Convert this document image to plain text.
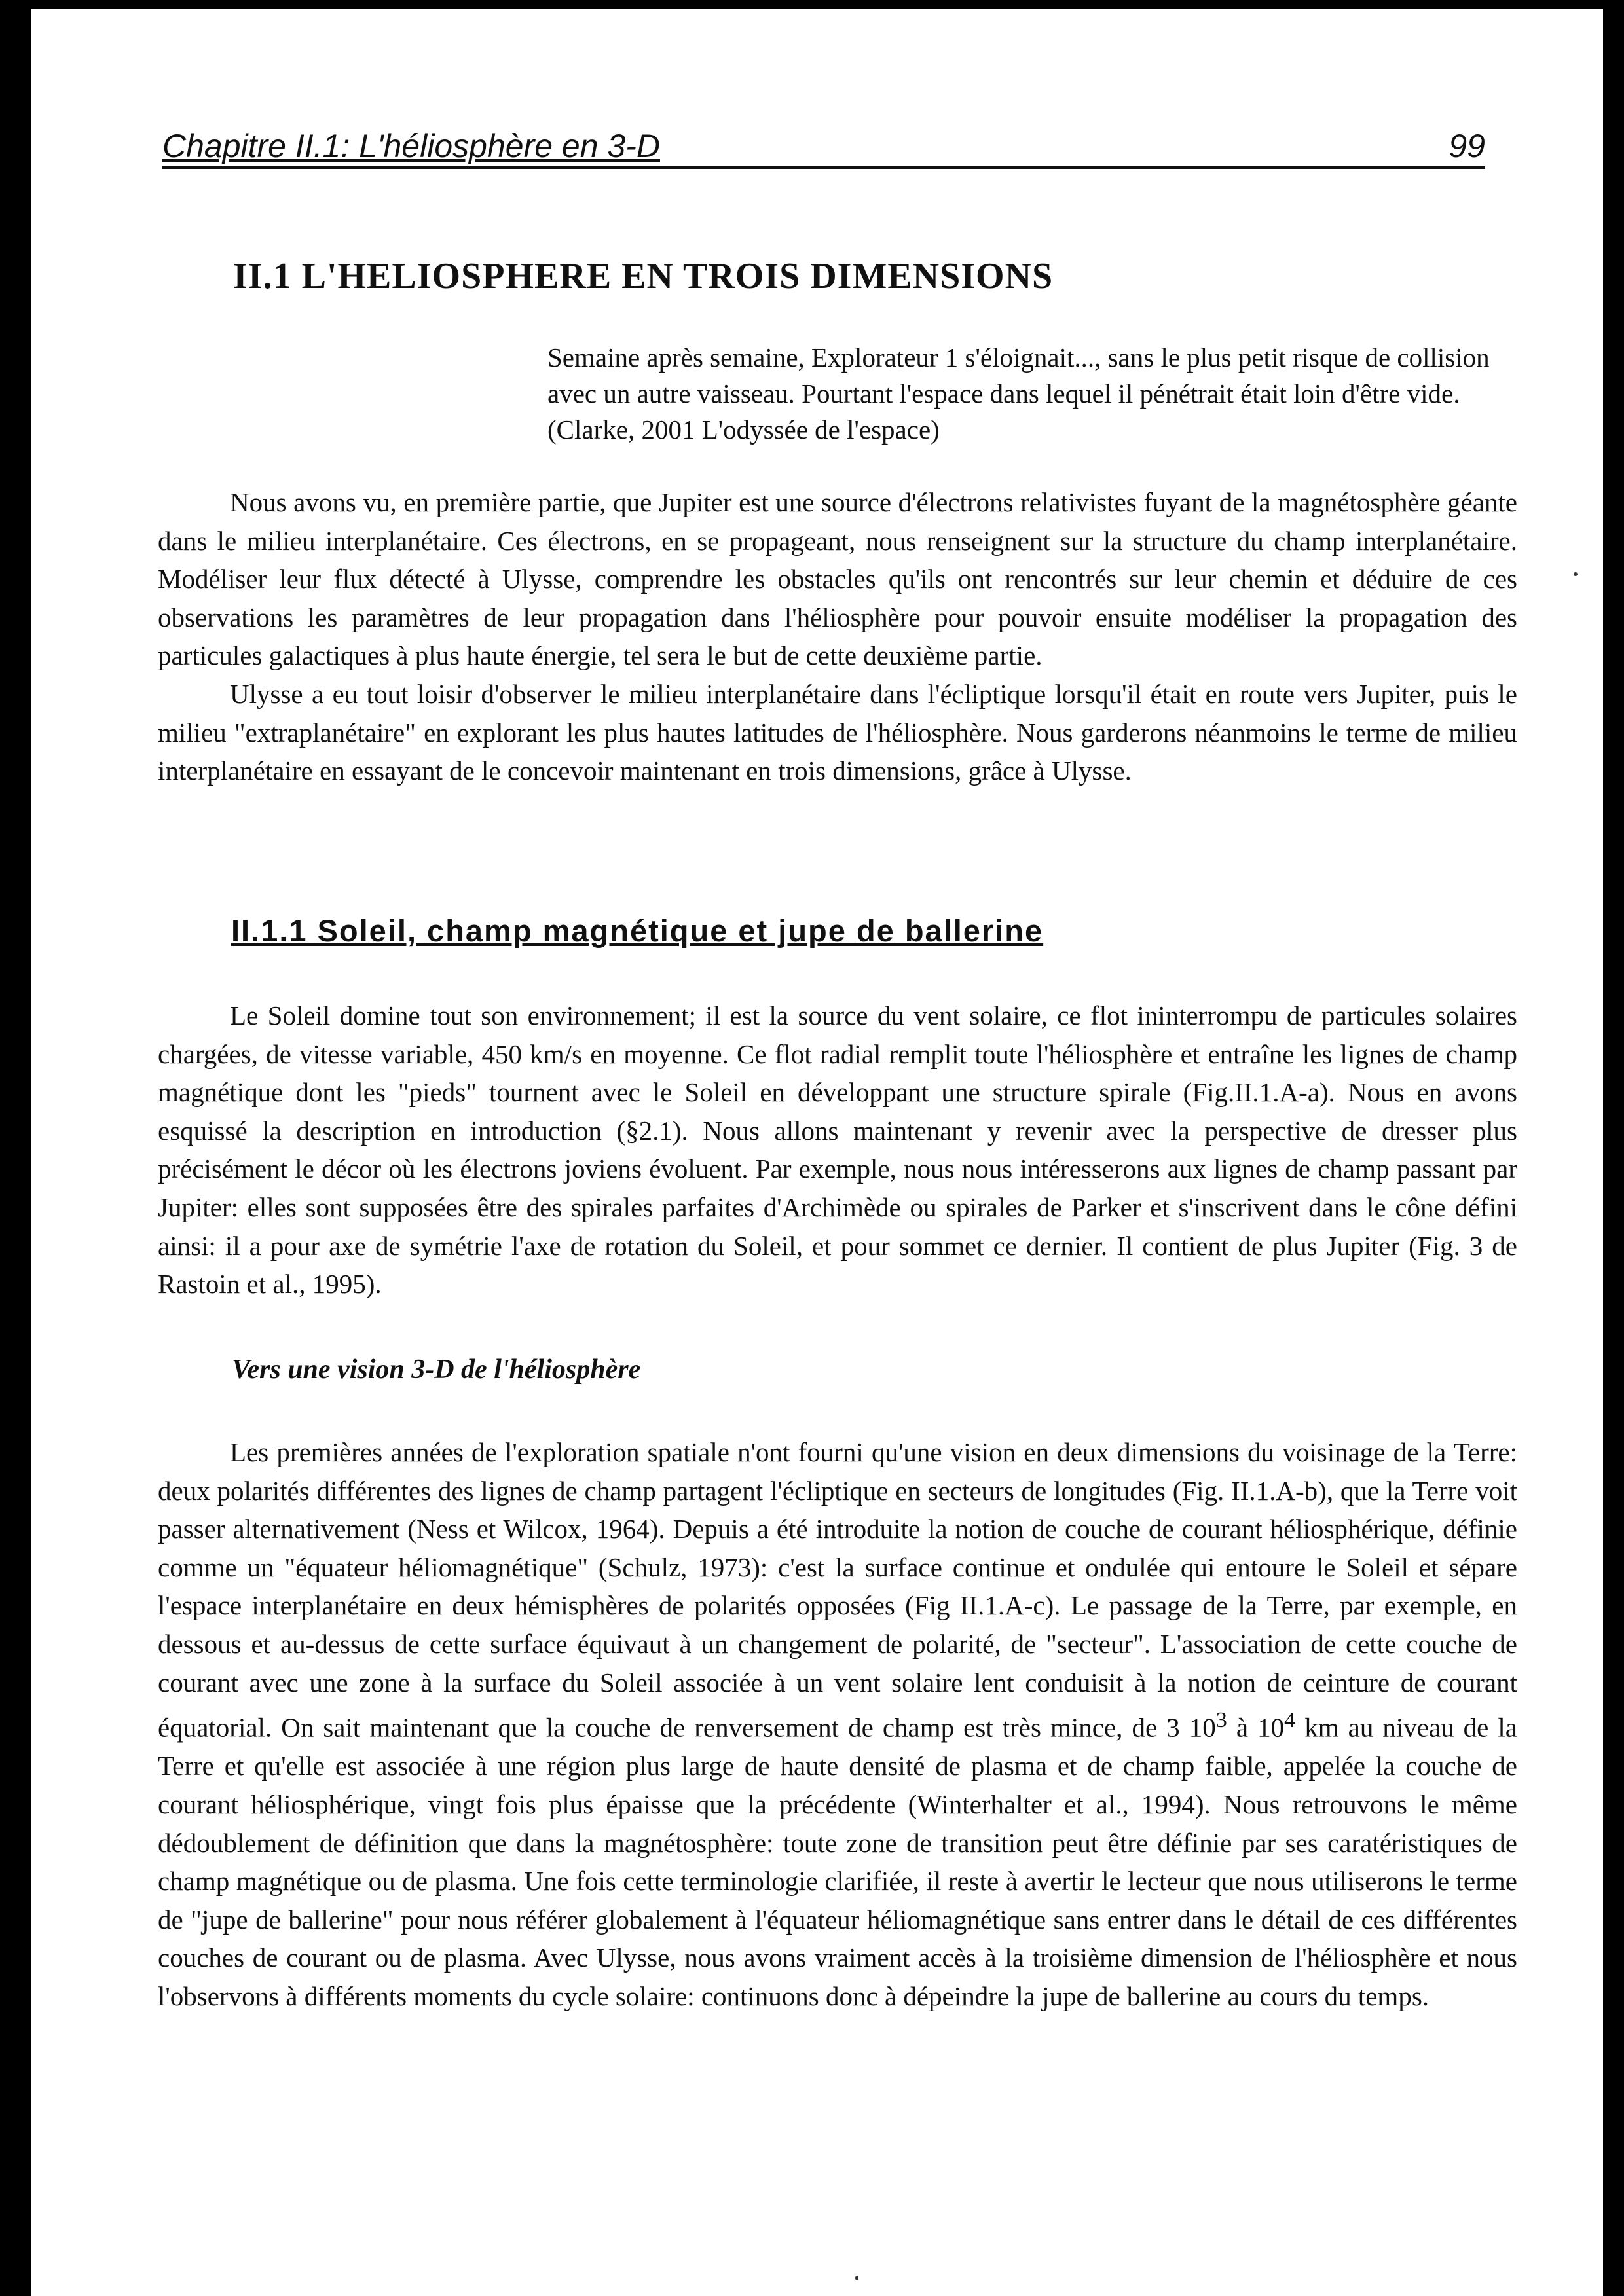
Chapitre II.1: L'héliosphère en 3-D	99
II.1 L'HELIOSPHERE EN TROIS DIMENSIONS

Semaine après semaine, Explorateur 1 s'éloignait..., sans le plus petit risque de collision avec un autre vaisseau. Pourtant l'espace dans lequel il pénétrait était loin d'être vide. (Clarke, 2001 L'odyssée de l'espace)

Nous avons vu, en première partie, que Jupiter est une source d'électrons relativistes fuyant de la magnétosphère géante dans le milieu interplanétaire. Ces électrons, en se propageant, nous renseignent sur la structure du champ interplanétaire. Modéliser leur flux détecté à Ulysse, comprendre les obstacles qu'ils ont rencontrés sur leur chemin et déduire de ces observations les paramètres de leur propagation dans l'héliosphère pour pouvoir ensuite modéliser la propagation des particules galactiques à plus haute énergie, tel sera le but de cette deuxième partie.

Ulysse a eu tout loisir d'observer le milieu interplanétaire dans l'écliptique lorsqu'il était en route vers Jupiter, puis le milieu "extraplanétaire" en explorant les plus hautes latitudes de l'héliosphère. Nous garderons néanmoins le terme de milieu interplanétaire en essayant de le concevoir maintenant en trois dimensions, grâce à Ulysse.

II.1.1 Soleil, champ magnétique et jupe de ballerine

Le Soleil domine tout son environnement; il est la source du vent solaire, ce flot ininterrompu de particules solaires chargées, de vitesse variable, 450 km/s en moyenne. Ce flot radial remplit toute l'héliosphère et entraîne les lignes de champ magnétique dont les "pieds" tournent avec le Soleil en développant une structure spirale (Fig.II.1.A-a). Nous en avons esquissé la description en introduction (§2.1). Nous allons maintenant y revenir avec la perspective de dresser plus précisément le décor où les électrons joviens évoluent. Par exemple, nous nous intéresserons aux lignes de champ passant par Jupiter: elles sont supposées être des spirales parfaites d'Archimède ou spirales de Parker et s'inscrivent dans le cône défini ainsi: il a pour axe de symétrie l'axe de rotation du Soleil, et pour sommet ce dernier. Il contient de plus Jupiter (Fig. 3 de Rastoin et al., 1995).

Vers une vision 3-D de l'héliosphère

Les premières années de l'exploration spatiale n'ont fourni qu'une vision en deux dimensions du voisinage de la Terre: deux polarités différentes des lignes de champ partagent l'écliptique en secteurs de longitudes (Fig. II.1.A-b), que la Terre voit passer alternativement (Ness et Wilcox, 1964). Depuis a été introduite la notion de couche de courant héliosphérique, définie comme un "équateur héliomagnétique" (Schulz, 1973): c'est la surface continue et ondulée qui entoure le Soleil et sépare l'espace interplanétaire en deux hémisphères de polarités opposées (Fig II.1.A-c). Le passage de la Terre, par exemple, en dessous et au-dessus de cette surface équivaut à un changement de polarité, de "secteur". L'association de cette couche de courant avec une zone à la surface du Soleil associée à un vent solaire lent conduisit à la notion de ceinture de courant équatorial. On sait maintenant que la couche de renversement de champ est très mince, de 3 $10^3$ à $10^4$ km au niveau de la Terre et qu'elle est associée à une région plus large de haute densité de plasma et de champ faible, appelée la couche de courant héliosphérique, vingt fois plus épaisse que la précédente (Winterhalter et al., 1994). Nous retrouvons le même dédoublement de définition que dans la magnétosphère: toute zone de transition peut être définie par ses caratéristiques de champ magnétique ou de plasma. Une fois cette terminologie clarifiée, il reste à avertir le lecteur que nous utiliserons le terme de "jupe de ballerine" pour nous référer globalement à l'équateur héliomagnétique sans entrer dans le détail de ces différentes couches de courant ou de plasma. Avec Ulysse, nous avons vraiment accès à la troisième dimension de l'héliosphère et nous l'observons à différents moments du cycle solaire: continuons donc à dépeindre la jupe de ballerine au cours du temps.
